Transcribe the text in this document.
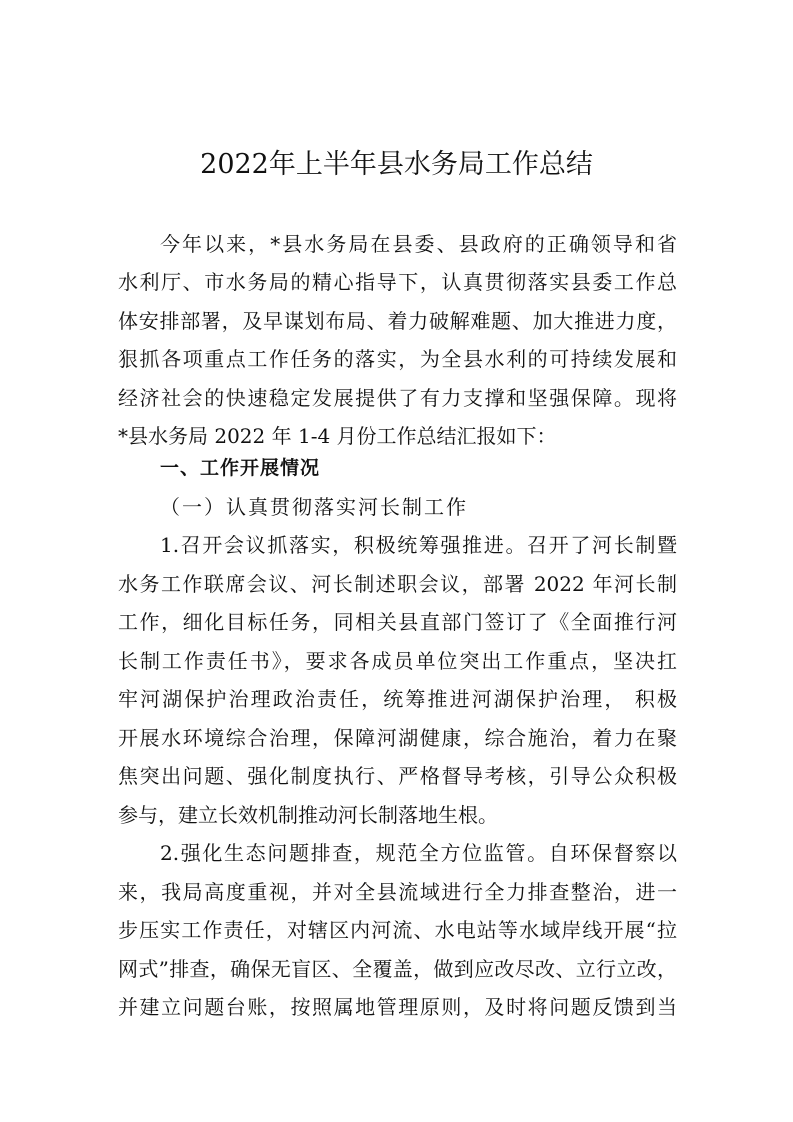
2022年上半年县水务局工作总结
今年以来，*县水务局在县委、县政府的正确领导和省
水利厅、市水务局的精心指导下，认真贯彻落实县委工作总
体安排部署，及早谋划布局、着力破解难题、加大推进力度，
狠抓各项重点工作任务的落实，为全县水利的可持续发展和
经济社会的快速稳定发展提供了有力支撑和坚强保障。现将
*县水务局 2022 年 1-4 月份工作总结汇报如下：
一、工作开展情况
（一）认真贯彻落实河长制工作
1.召开会议抓落实，积极统筹强推进。召开了河长制暨
水务工作联席会议、河长制述职会议，部署 2022 年河长制
工作，细化目标任务，同相关县直部门签订了《全面推行河
长制工作责任书》，要求各成员单位突出工作重点，坚决扛
牢河湖保护治理政治责任，统筹推进河湖保护治理， 积极
开展水环境综合治理，保障河湖健康，综合施治，着力在聚
焦突出问题、强化制度执行、严格督导考核，引导公众积极
参与，建立长效机制推动河长制落地生根。
2.强化生态问题排查，规范全方位监管。自环保督察以
来，我局高度重视，并对全县流域进行全力排查整治，进一
步压实工作责任，对辖区内河流、水电站等水域岸线开展“拉
网式”排查，确保无盲区、全覆盖，做到应改尽改、立行立改，
并建立问题台账，按照属地管理原则，及时将问题反馈到当
